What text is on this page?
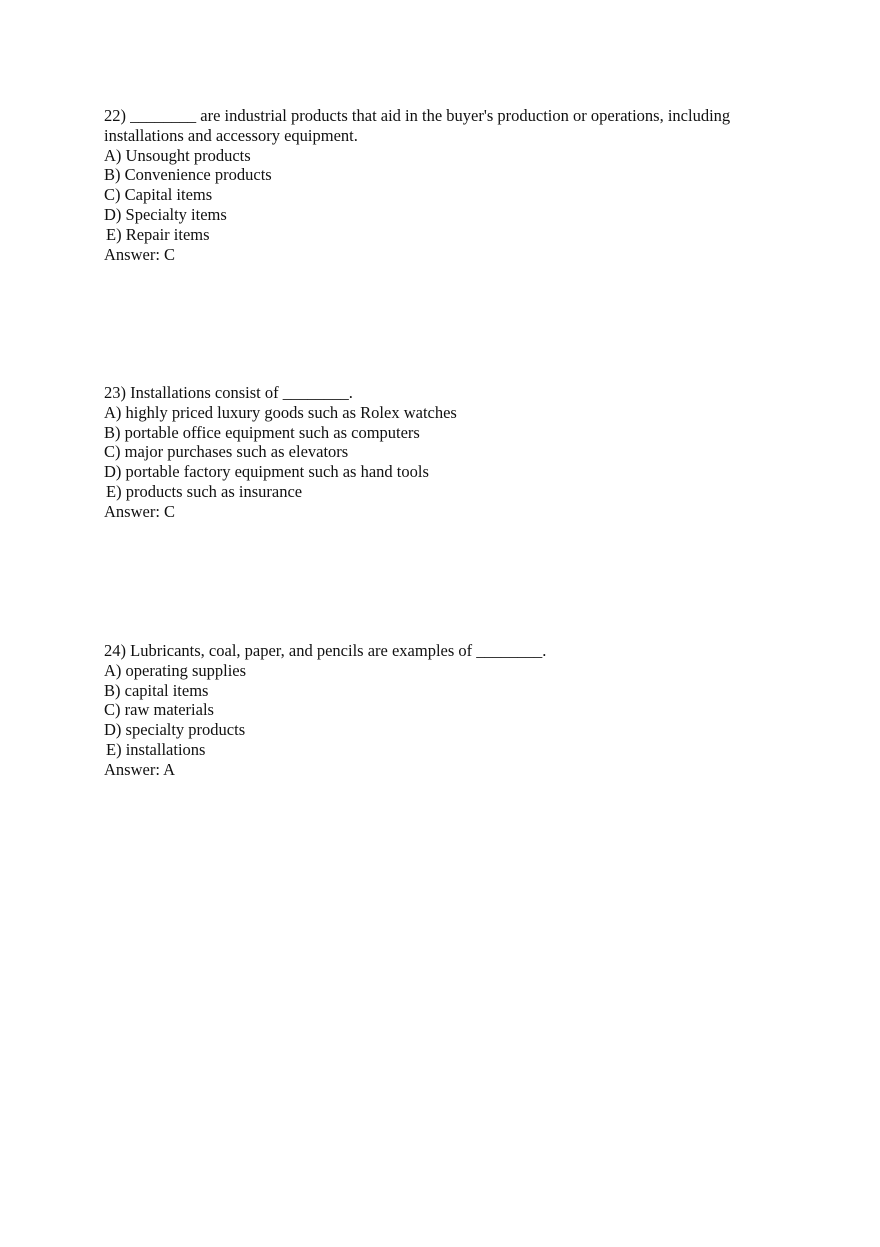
22) ________ are industrial products that aid in the buyer's production or operations, including installations and accessory equipment.
A) Unsought products
B) Convenience products
C) Capital items
D) Specialty items
E) Repair items
Answer: C
23) Installations consist of ________.
A) highly priced luxury goods such as Rolex watches
B) portable office equipment such as computers
C) major purchases such as elevators
D) portable factory equipment such as hand tools
E) products such as insurance
Answer: C
24) Lubricants, coal, paper, and pencils are examples of ________.
A) operating supplies
B) capital items
C) raw materials
D) specialty products
E) installations
Answer: A
